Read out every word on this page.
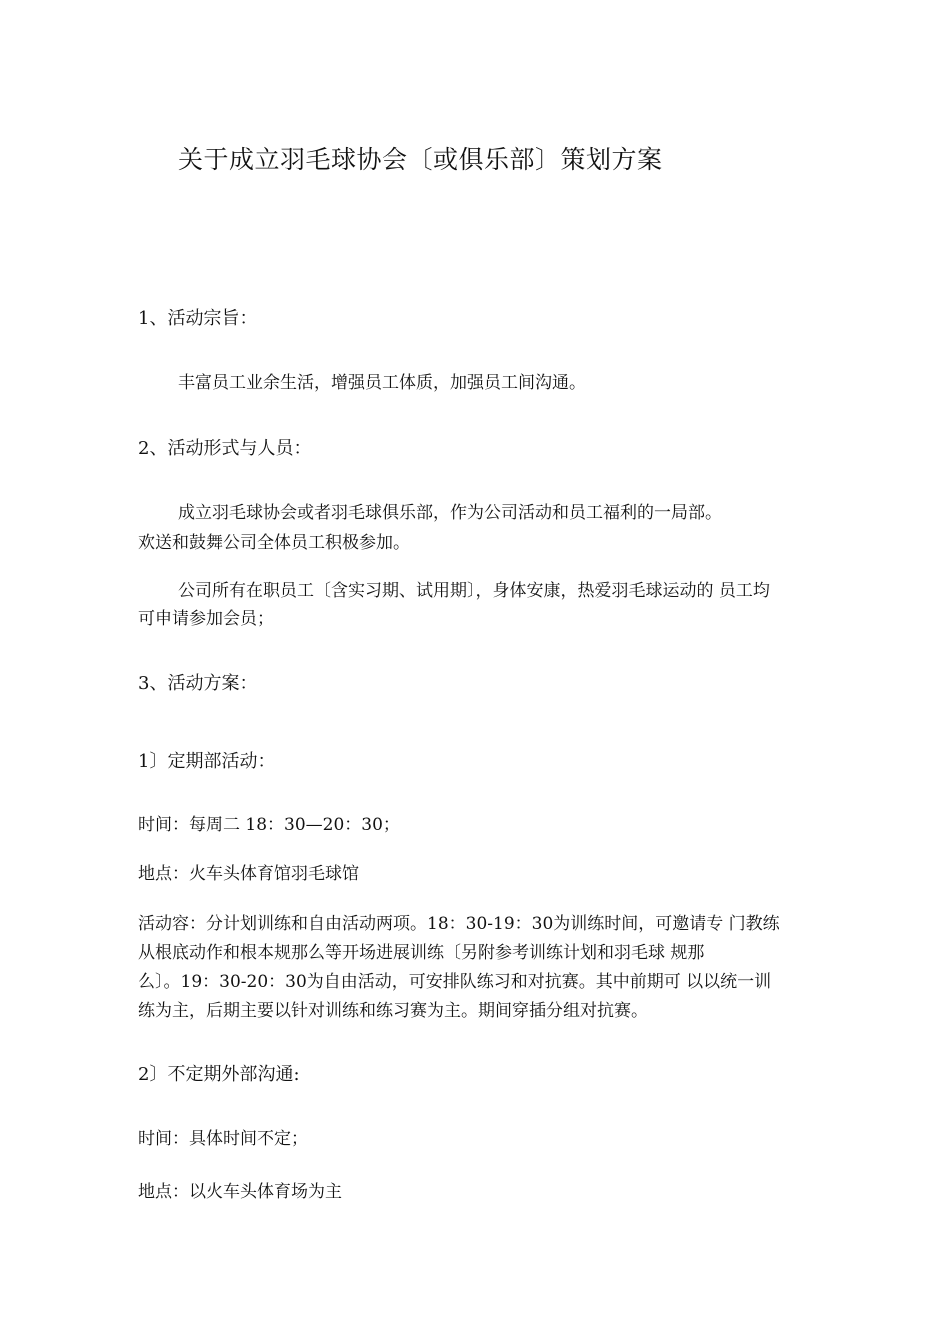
关于成立羽毛球协会〔或俱乐部〕策划方案

1、活动宗旨：

丰富员工业余生活，增强员工体质，加强员工间沟通。

2、活动形式与人员：

成立羽毛球协会或者羽毛球俱乐部，作为公司活动和员工福利的一局部。

欢送和鼓舞公司全体员工积极参加。

公司所有在职员工〔含实习期、试用期〕，身体安康，热爱羽毛球运动的 员工均

可申请参加会员；

3、活动方案：

1〕定期部活动：

时间：每周二 18：30—20：30；

地点：火车头体育馆羽毛球馆

活动容：分计划训练和自由活动两项。18：30-19：30为训练时间，可邀请专 门教练

从根底动作和根本规那么等开场进展训练〔另附参考训练计划和羽毛球 规那

么〕。19：30-20：30为自由活动，可安排队练习和对抗赛。其中前期可 以以统一训

练为主，后期主要以针对训练和练习赛为主。期间穿插分组对抗赛。

2〕不定期外部沟通:

时间：具体时间不定；

地点：以火车头体育场为主
